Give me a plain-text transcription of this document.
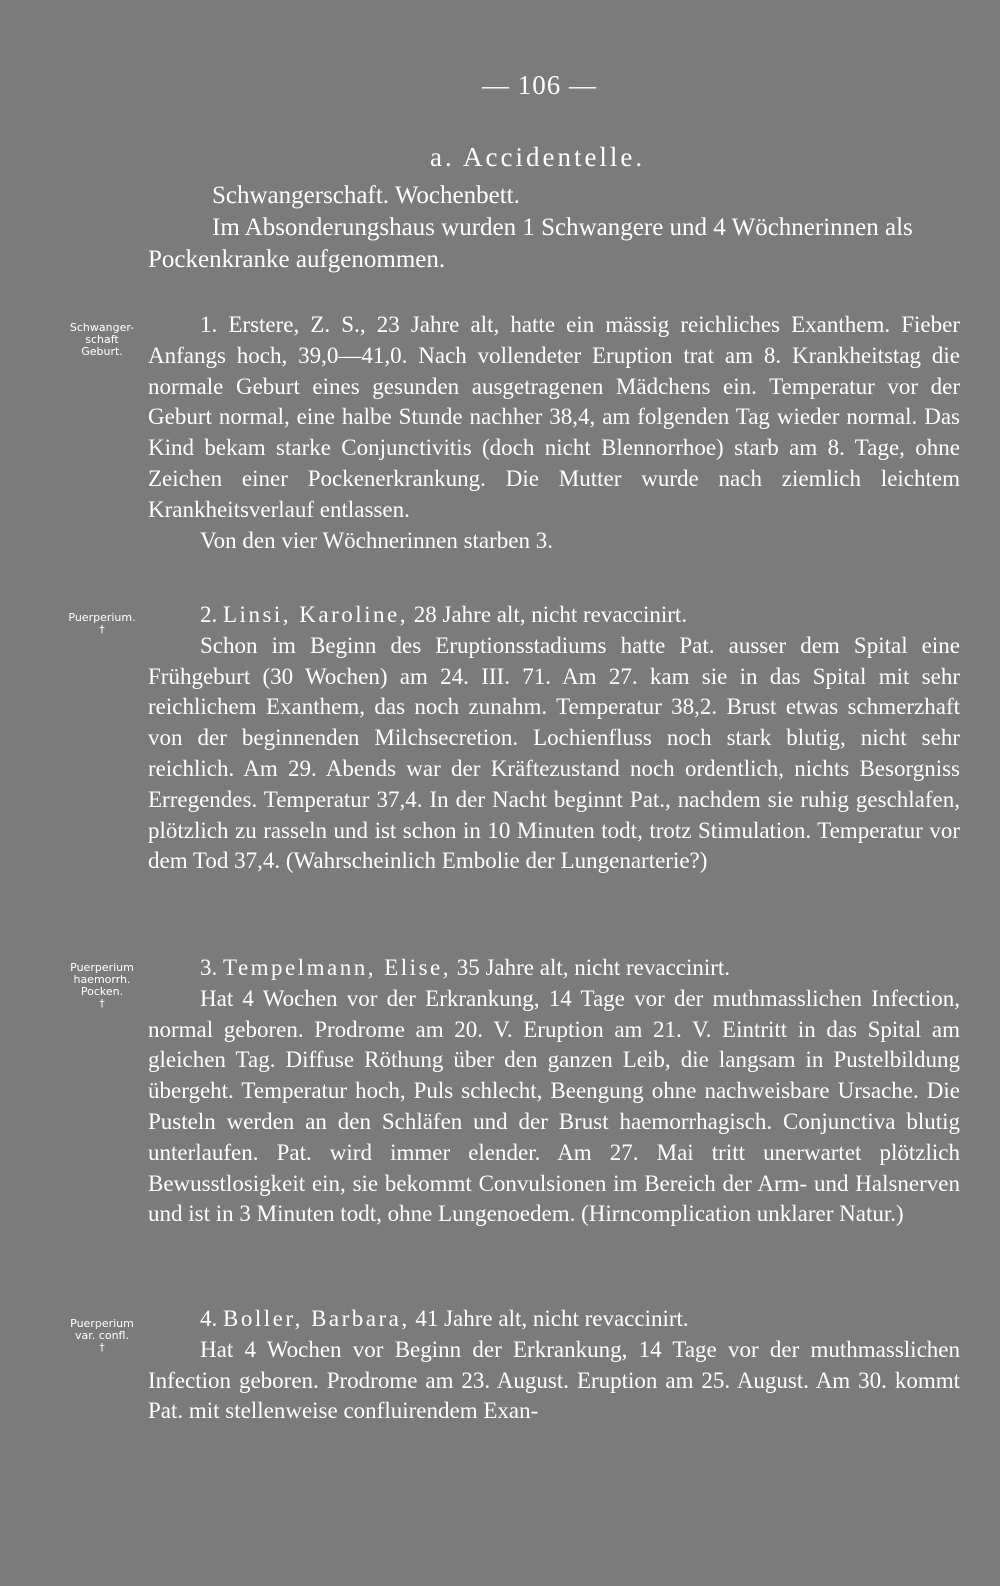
— 106 —
a. Accidentelle.
Schwangerschaft. Wochenbett.
Im Absonderungshaus wurden 1 Schwangere und 4 Wöchnerinnen als Pockenkranke aufgenommen.
Schwanger-
schaft
Geburt.

1. Erstere, Z. S., 23 Jahre alt, hatte ein mässig reichliches Exanthem. Fieber Anfangs hoch, 39,0—41,0. Nach vollendeter Eruption trat am 8. Krankheitstag die normale Geburt eines gesunden ausgetragenen Mädchens ein. Temperatur vor der Geburt normal, eine halbe Stunde nachher 38,4, am folgenden Tag wieder normal. Das Kind bekam starke Conjunctivitis (doch nicht Blennorrhoe) starb am 8. Tage, ohne Zeichen einer Pockenerkrankung. Die Mutter wurde nach ziemlich leichtem Krankheitsverlauf entlassen.

Von den vier Wöchnerinnen starben 3.

Puerperium.
†

2. Linsi, Karoline, 28 Jahre alt, nicht revaccinirt.

Schon im Beginn des Eruptionsstadiums hatte Pat. ausser dem Spital eine Frühgeburt (30 Wochen) am 24. III. 71. Am 27. kam sie in das Spital mit sehr reichlichem Exanthem, das noch zunahm. Temperatur 38,2. Brust etwas schmerzhaft von der beginnenden Milchsecretion. Lochienfluss noch stark blutig, nicht sehr reichlich. Am 29. Abends war der Kräftezustand noch ordentlich, nichts Besorgniss Erregendes. Temperatur 37,4. In der Nacht beginnt Pat., nachdem sie ruhig geschlafen, plötzlich zu rasseln und ist schon in 10 Minuten todt, trotz Stimulation. Temperatur vor dem Tod 37,4. (Wahrscheinlich Embolie der Lungenarterie?)

Puerperium
haemorrh.
Pocken.
†

3. Tempelmann, Elise, 35 Jahre alt, nicht revaccinirt.

Hat 4 Wochen vor der Erkrankung, 14 Tage vor der muthmasslichen Infection, normal geboren. Prodrome am 20. V. Eruption am 21. V. Eintritt in das Spital am gleichen Tag. Diffuse Röthung über den ganzen Leib, die langsam in Pustelbildung übergeht. Temperatur hoch, Puls schlecht, Beengung ohne nachweisbare Ursache. Die Pusteln werden an den Schläfen und der Brust haemorrhagisch. Conjunctiva blutig unterlaufen. Pat. wird immer elender. Am 27. Mai tritt unerwartet plötzlich Bewusstlosigkeit ein, sie bekommt Convulsionen im Bereich der Arm- und Halsnerven und ist in 3 Minuten todt, ohne Lungenoedem. (Hirncomplication unklarer Natur.)

Puerperium
var. confl.
†

4. Boller, Barbara, 41 Jahre alt, nicht revaccinirt.

Hat 4 Wochen vor Beginn der Erkrankung, 14 Tage vor der muthmasslichen Infection geboren. Prodrome am 23. August. Eruption am 25. August. Am 30. kommt Pat. mit stellenweise confluirendem Exan-
